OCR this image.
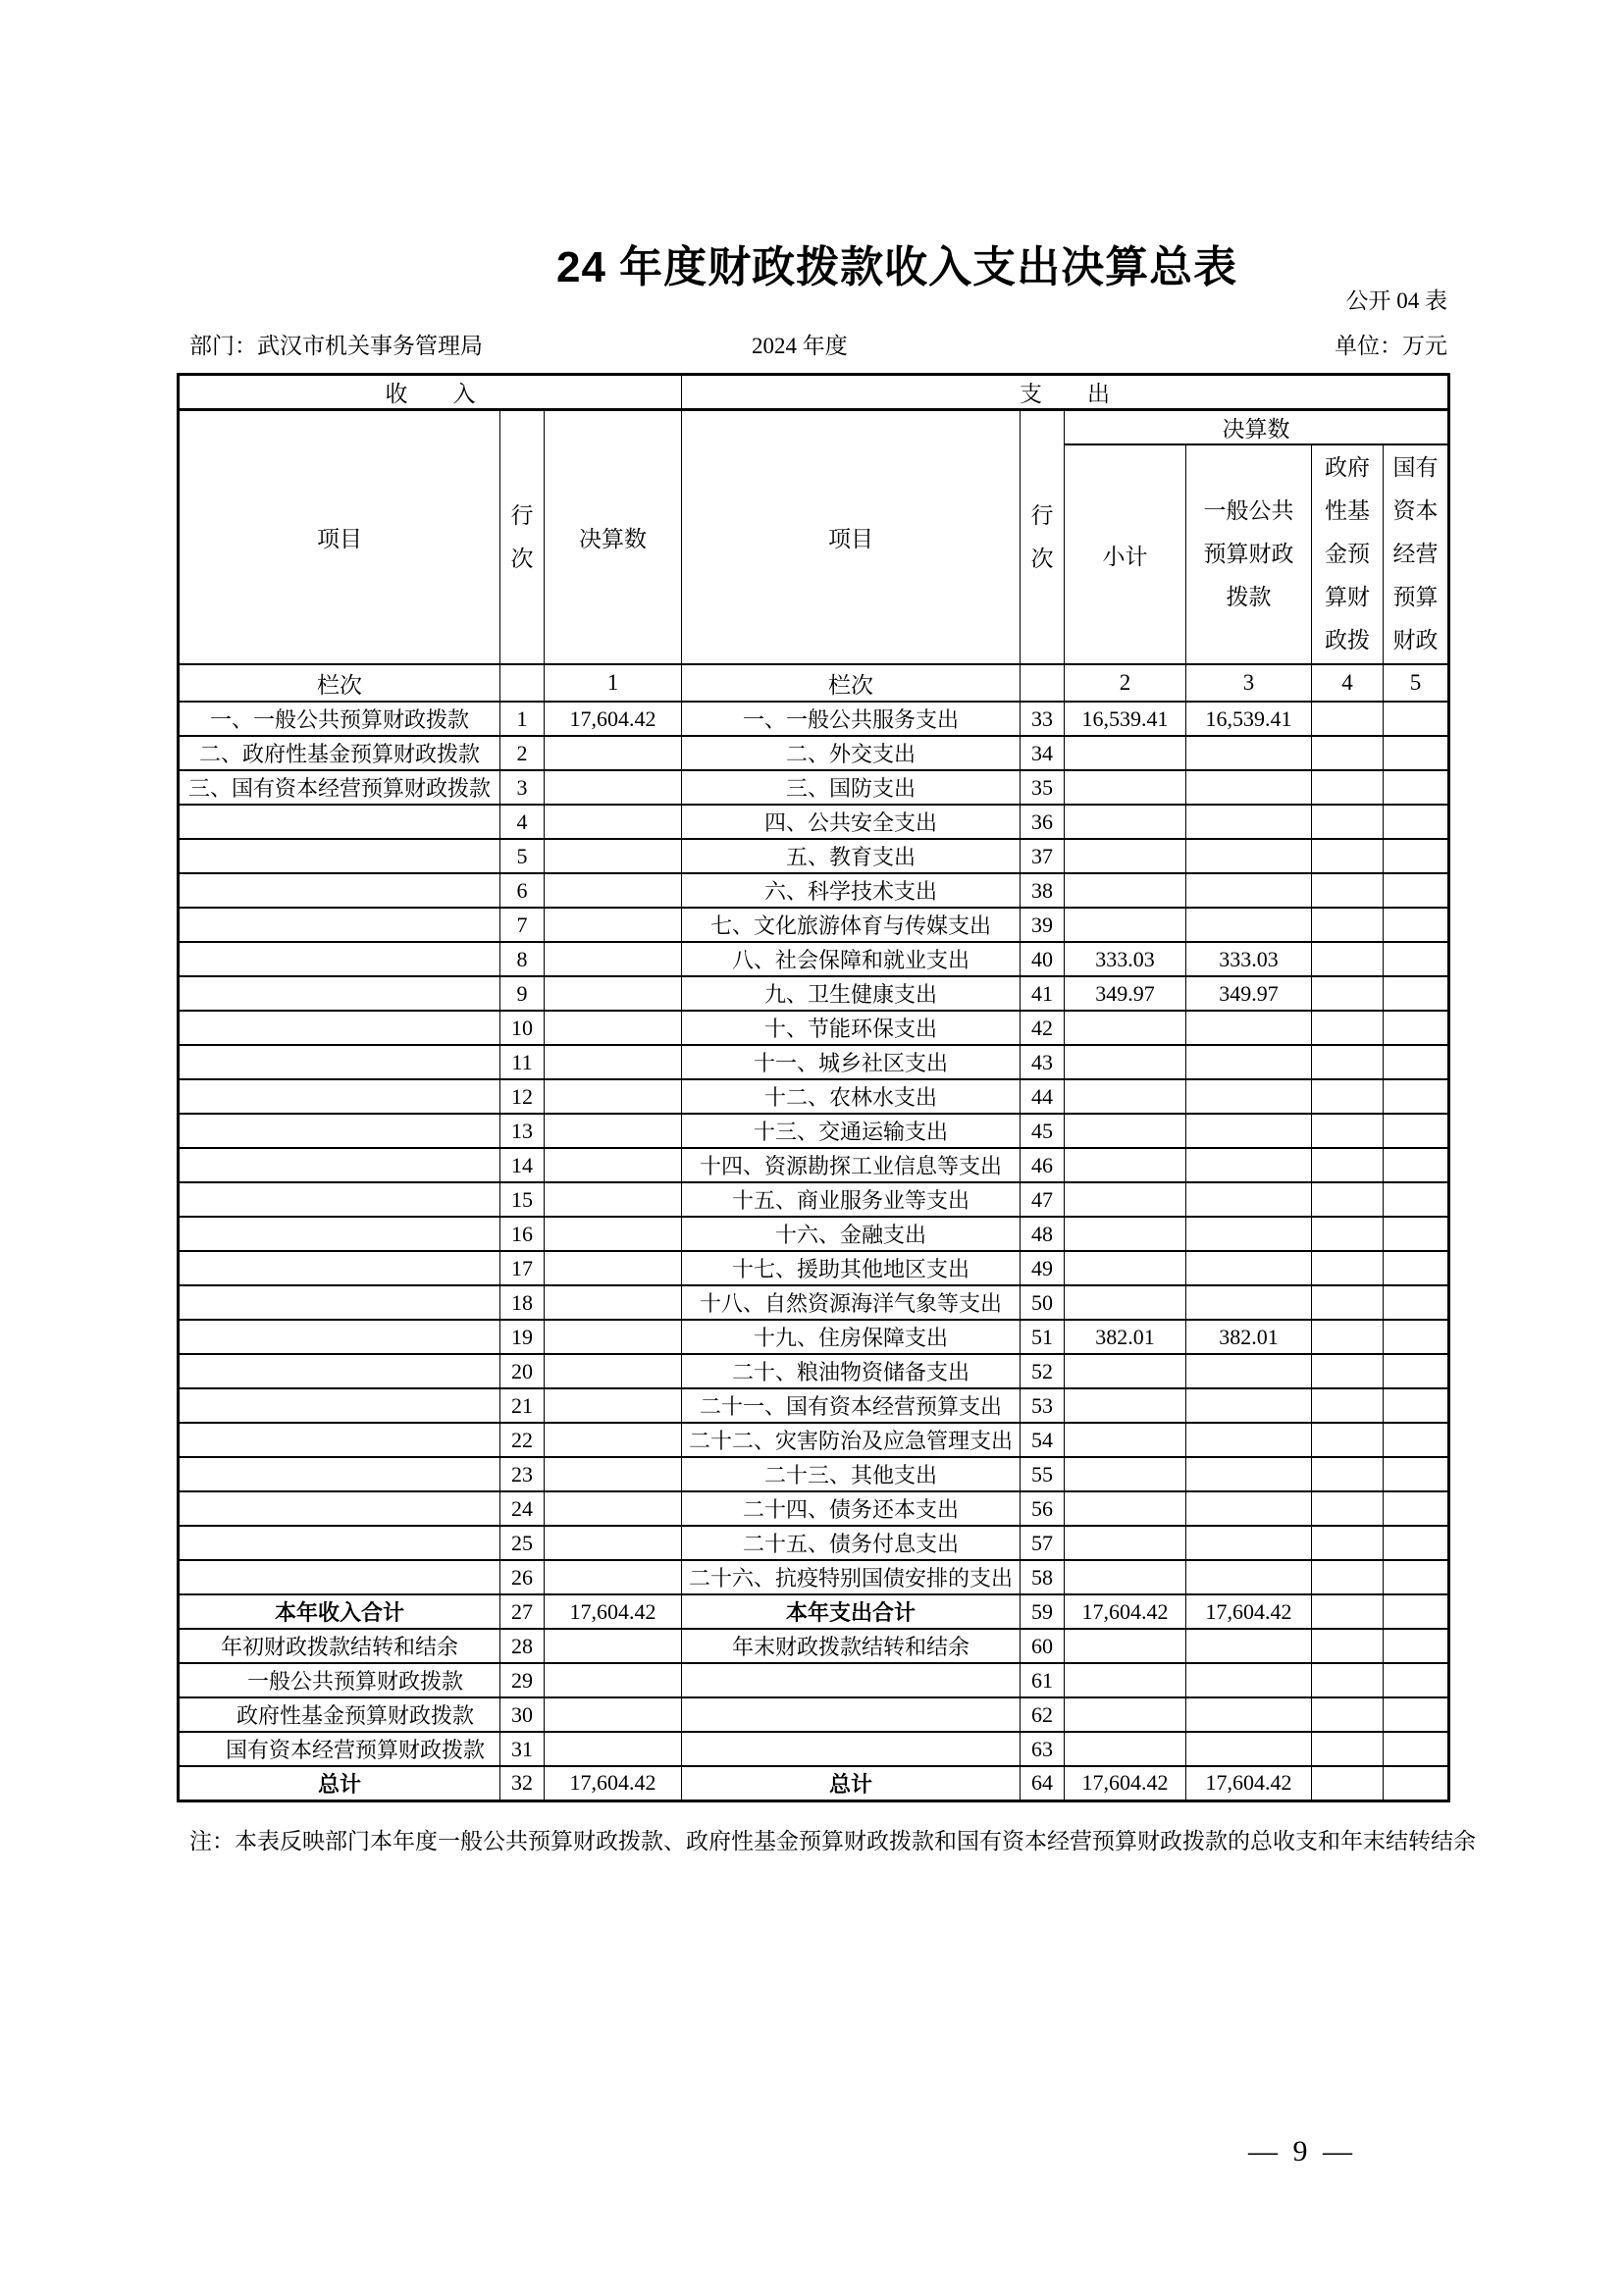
24 年度财政拨款收入支出决算总表
公开 04 表
部门：武汉市机关事务管理局	2024 年度	单位：万元
收　　入			支　　出					
项目	行次	决算数	项目	行次	决算数			
					小计	一般公共预算财政拨款	政府性基金预算财政拨	国有资本经营预算财政

栏次		1	栏次		2	3	4	5
一、一般公共预算财政拨款	1	17,604.42	一、一般公共服务支出	33	16,539.41	16,539.41		
二、政府性基金预算财政拨款	2		二、外交支出	34				
三、国有资本经营预算财政拨款	3		三、国防支出	35				
	4		四、公共安全支出	36				
	5		五、教育支出	37				
	6		六、科学技术支出	38				
	7		七、文化旅游体育与传媒支出	39				
	8		八、社会保障和就业支出	40	333.03	333.03		
	9		九、卫生健康支出	41	349.97	349.97		
	10		十、节能环保支出	42				
	11		十一、城乡社区支出	43				
	12		十二、农林水支出	44				
	13		十三、交通运输支出	45				
	14		十四、资源勘探工业信息等支出	46				
	15		十五、商业服务业等支出	47				
	16		十六、金融支出	48				
	17		十七、援助其他地区支出	49				
	18		十八、自然资源海洋气象等支出	50				
	19		十九、住房保障支出	51	382.01	382.01		
	20		二十、粮油物资储备支出	52				
	21		二十一、国有资本经营预算支出	53				
	22		二十二、灾害防治及应急管理支出	54				
	23		二十三、其他支出	55				
	24		二十四、债务还本支出	56				
	25		二十五、债务付息支出	57				
	26		二十六、抗疫特别国债安排的支出	58				
本年收入合计	27	17,604.42	本年支出合计	59	17,604.42	17,604.42		
年初财政拨款结转和结余	28		年末财政拨款结转和结余	60				
一般公共预算财政拨款	29			61				
政府性基金预算财政拨款	30			62				
国有资本经营预算财政拨款	31			63				
总计	32	17,604.42	总计	64	17,604.42	17,604.42		
注：本表反映部门本年度一般公共预算财政拨款、政府性基金预算财政拨款和国有资本经营预算财政拨款的总收支和年末结转结余
— 9 —
